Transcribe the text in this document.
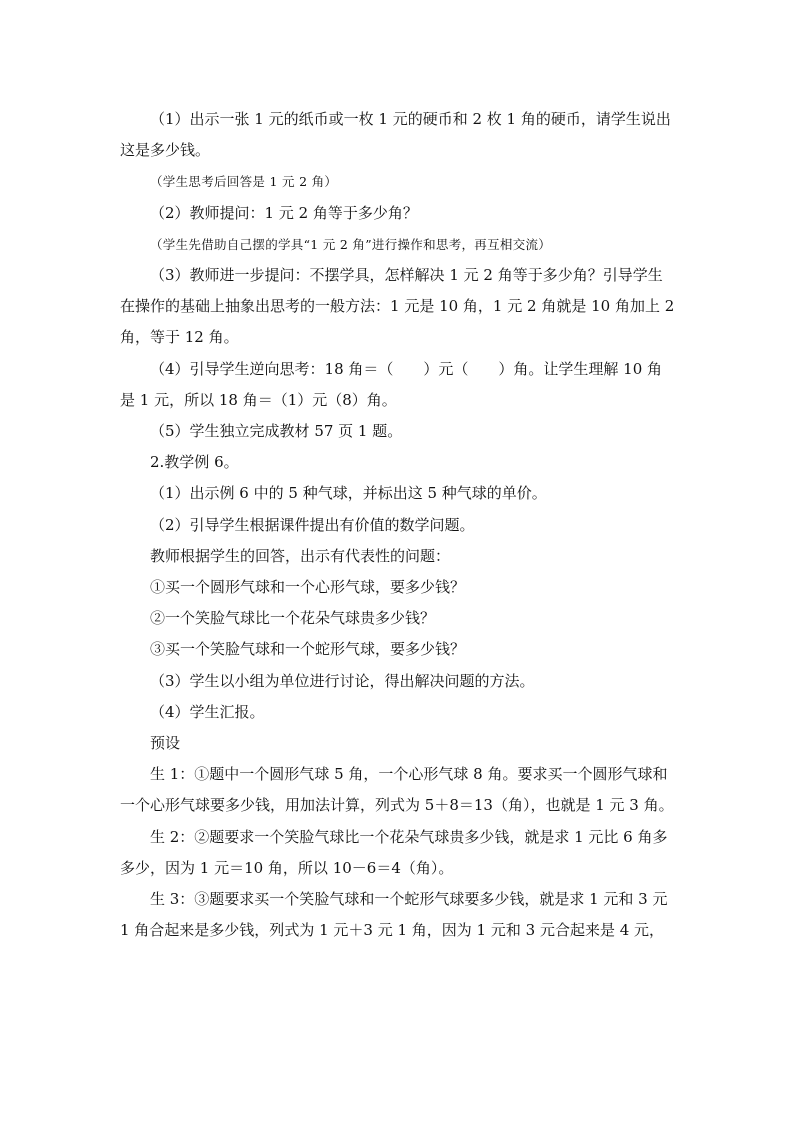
（1）出示一张 1 元的纸币或一枚 1 元的硬币和 2 枚 1 角的硬币，请学生说出这是多少钱。

（学生思考后回答是 1 元 2 角）

（2）教师提问：1 元 2 角等于多少角？

（学生先借助自己摆的学具“1 元 2 角”进行操作和思考，再互相交流）

（3）教师进一步提问：不摆学具，怎样解决 1 元 2 角等于多少角？引导学生在操作的基础上抽象出思考的一般方法：1 元是 10 角，1 元 2 角就是 10 角加上 2 角，等于 12 角。

（4）引导学生逆向思考：18 角＝（　　）元（　　）角。让学生理解 10 角是 1 元，所以 18 角＝（1）元（8）角。

（5）学生独立完成教材 57 页 1 题。

2.教学例 6。

（1）出示例 6 中的 5 种气球，并标出这 5 种气球的单价。

（2）引导学生根据课件提出有价值的数学问题。

教师根据学生的回答，出示有代表性的问题：

①买一个圆形气球和一个心形气球，要多少钱？

②一个笑脸气球比一个花朵气球贵多少钱？

③买一个笑脸气球和一个蛇形气球，要多少钱？

（3）学生以小组为单位进行讨论，得出解决问题的方法。

（4）学生汇报。

预设

生 1：①题中一个圆形气球 5 角，一个心形气球 8 角。要求买一个圆形气球和一个心形气球要多少钱，用加法计算，列式为 5＋8＝13（角），也就是 1 元 3 角。

生 2：②题要求一个笑脸气球比一个花朵气球贵多少钱，就是求 1 元比 6 角多多少，因为 1 元＝10 角，所以 10－6＝4（角）。

生 3：③题要求买一个笑脸气球和一个蛇形气球要多少钱，就是求 1 元和 3 元 1 角合起来是多少钱，列式为 1 元＋3 元 1 角，因为 1 元和 3 元合起来是 4 元，
